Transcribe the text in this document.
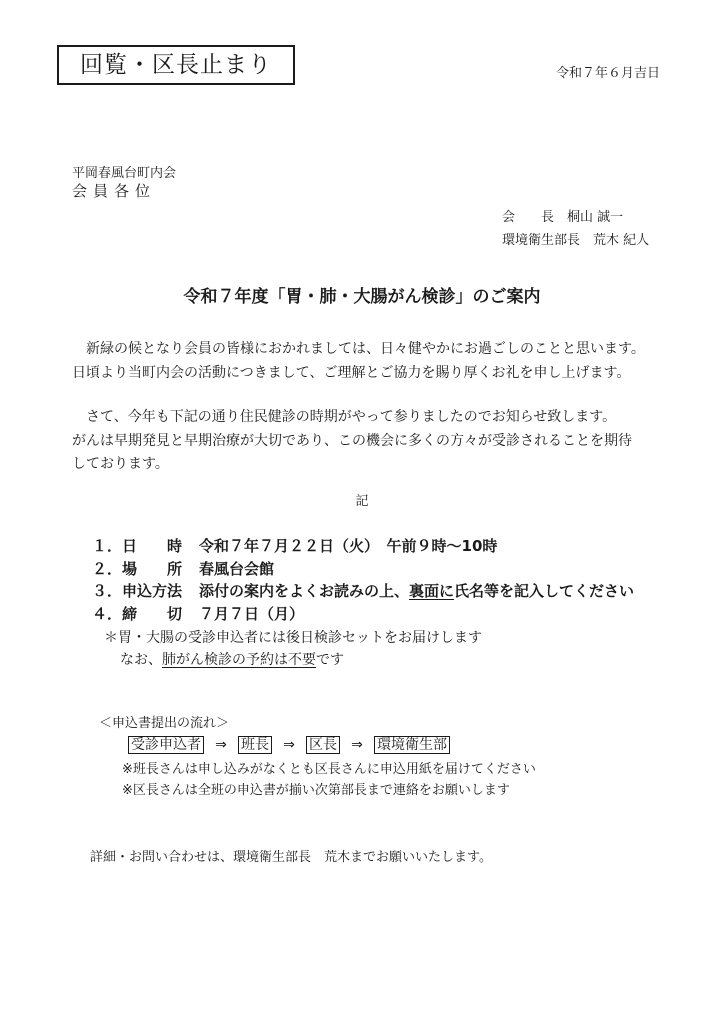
回覧・区長止まり	令和７年６月吉日
平岡春風台町内会
会員各位
会　　長　桐山 誠一
環境衛生部長　荒木 紀人
令和７年度「胃・肺・大腸がん検診」のご案内
新緑の候となり会員の皆様におかれましては、日々健やかにお過ごしのことと思います。
日頃より当町内会の活動につきまして、ご理解とご協力を賜り厚くお礼を申し上げます。
さて、今年も下記の通り住民健診の時期がやって参りましたのでお知らせ致します。
がんは早期発見と早期治療が大切であり、この機会に多くの方々が受診されることを期待
しております。
記
１．日　　時 令和７年７月２２日（火）　午前９時～10時
２．場　　所 春風台会館
３．申込方法 添付の案内をよくお読みの上、裏面に氏名等を記入してください
４．締　　切 ７月７日（月）
＊胃・大腸の受診申込者には後日検診セットをお届けします
なお、肺がん検診の予約は不要です
＜申込書提出の流れ＞
受診申込者 ⇒ 班長 ⇒ 区長 ⇒ 環境衛生部
※班長さんは申し込みがなくとも区長さんに申込用紙を届けてください
※区長さんは全班の申込書が揃い次第部長まで連絡をお願いします
詳細・お問い合わせは、環境衛生部長　荒木までお願いいたします。
